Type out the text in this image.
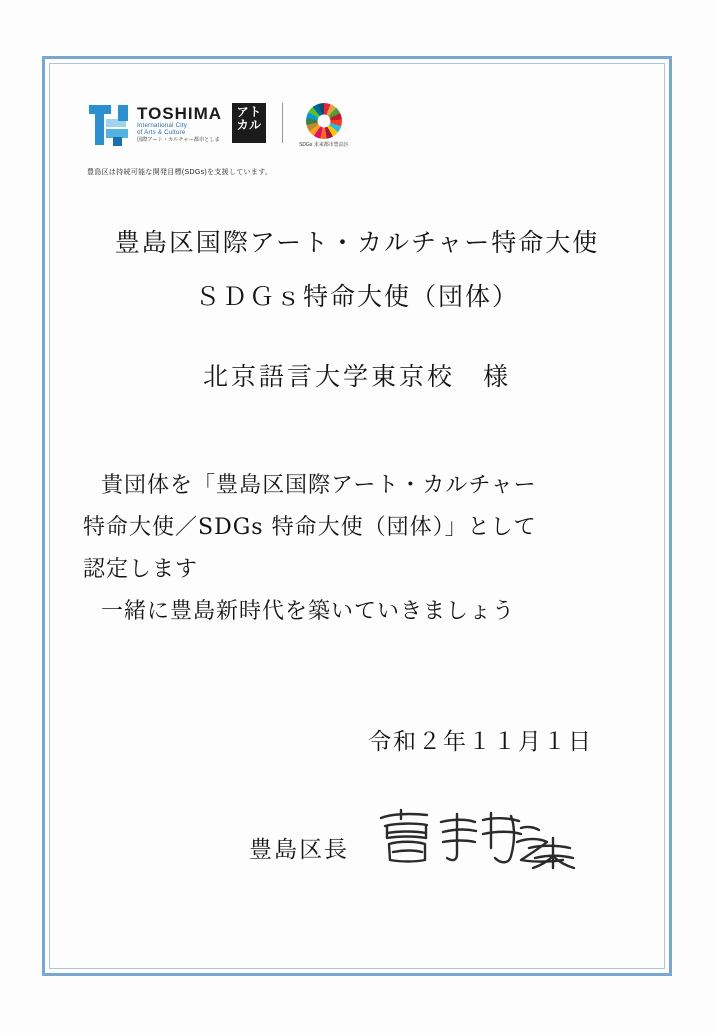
TOSHIMA
International City
of Arts & Culture
国際アート・カルチャー都市としま
アト
カル
SDGs 未来都市豊島区
豊島区は持続可能な開発目標(SDGs)を支援しています。
豊島区国際アート・カルチャー特命大使
ＳＤＧｓ特命大使（団体）
北京語言大学東京校　様
貴団体を「豊島区国際アート・カルチャー
特命大使／SDGs 特命大使（団体）」として
認定します
一緒に豊島新時代を築いていきましょう
令和２年１１月１日
豊島区長
